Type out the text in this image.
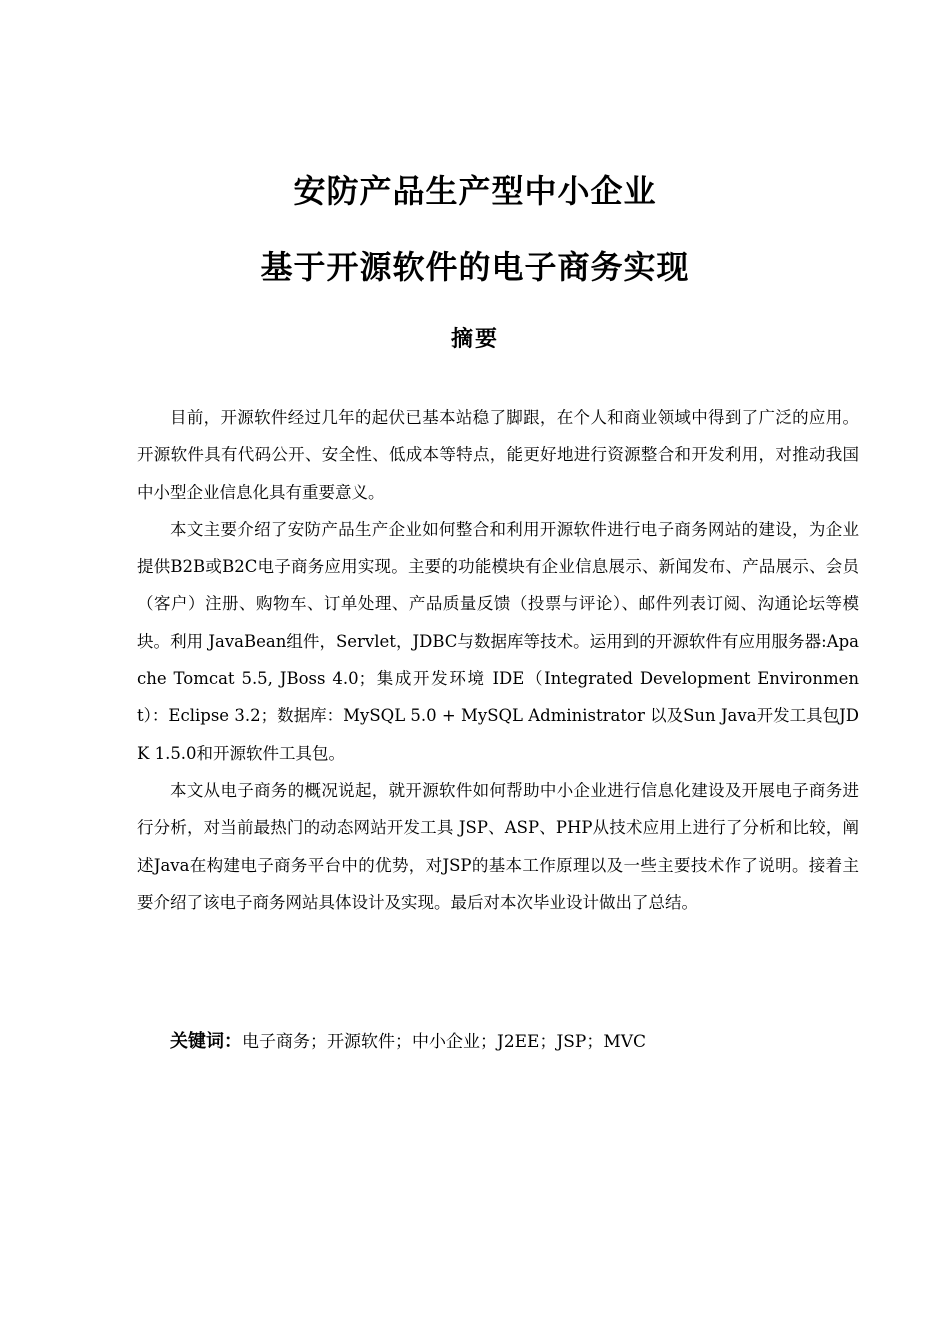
安防产品生产型中小企业
基于开源软件的电子商务实现
摘要

目前，开源软件经过几年的起伏已基本站稳了脚跟，在个人和商业领域中得到了广泛的应用。开源软件具有代码公开、安全性、低成本等特点，能更好地进行资源整合和开发利用，对推动我国中小型企业信息化具有重要意义。

本文主要介绍了安防产品生产企业如何整合和利用开源软件进行电子商务网站的建设，为企业提供B2B或B2C电子商务应用实现。主要的功能模块有企业信息展示、新闻发布、产品展示、会员（客户）注册、购物车、订单处理、产品质量反馈（投票与评论）、邮件列表订阅、沟通论坛等模块。利用 JavaBean组件，Servlet，JDBC与数据库等技术。运用到的开源软件有应用服务器:Apache Tomcat 5.5, JBoss 4.0；集成开发环境 IDE（Integrated Development Environment）：Eclipse 3.2；数据库：MySQL 5.0 + MySQL Administrator 以及Sun Java开发工具包JDK 1.5.0和开源软件工具包。

本文从电子商务的概况说起，就开源软件如何帮助中小企业进行信息化建设及开展电子商务进行分析，对当前最热门的动态网站开发工具 JSP、ASP、PHP从技术应用上进行了分析和比较，阐述Java在构建电子商务平台中的优势，对JSP的基本工作原理以及一些主要技术作了说明。接着主要介绍了该电子商务网站具体设计及实现。最后对本次毕业设计做出了总结。

关键词：电子商务；开源软件；中小企业；J2EE；JSP；MVC
